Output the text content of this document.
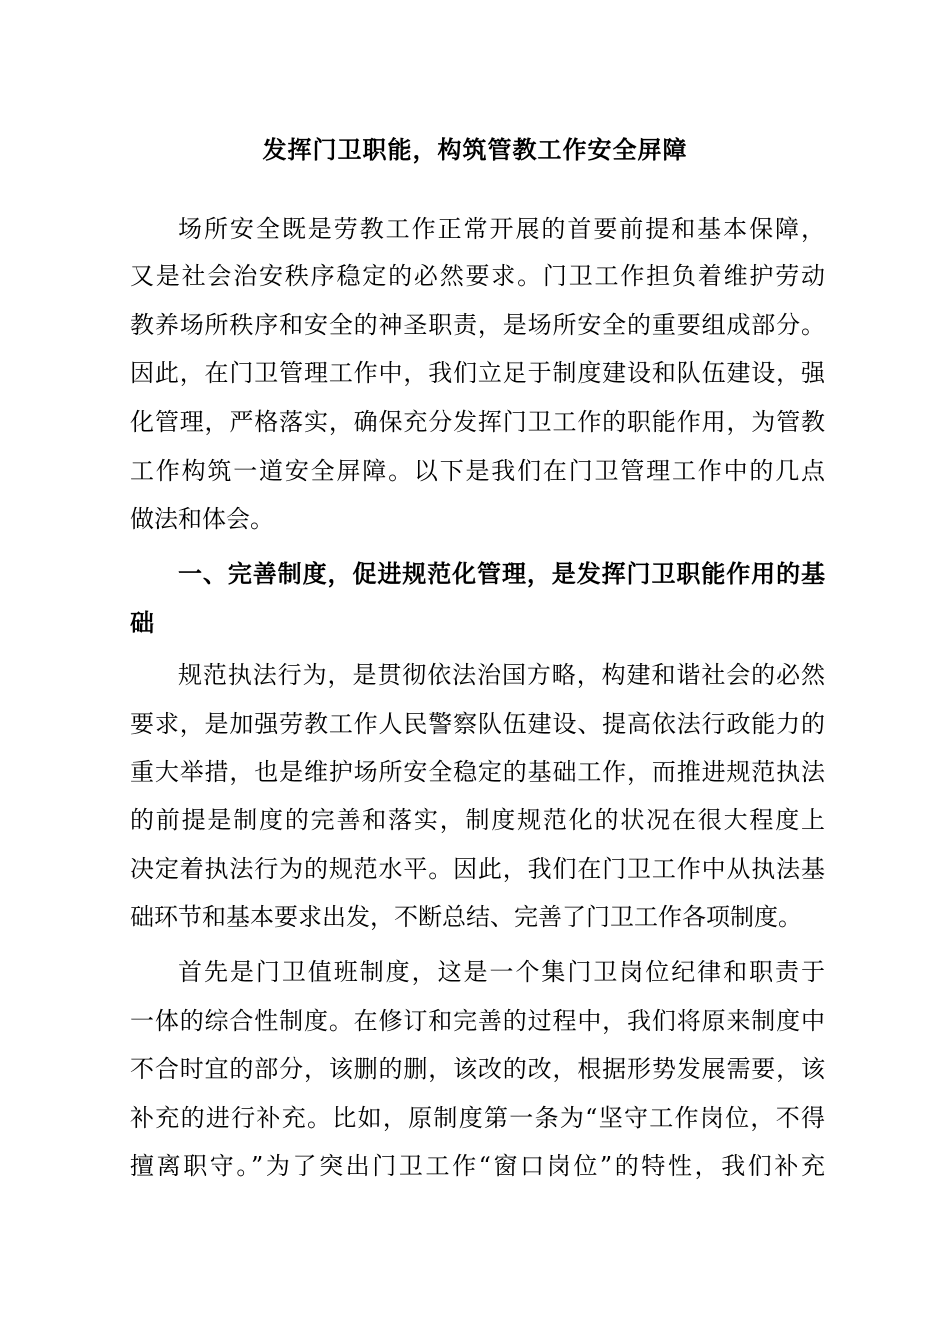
发挥门卫职能，构筑管教工作安全屏障
场所安全既是劳教工作正常开展的首要前提和基本保障，
又是社会治安秩序稳定的必然要求。门卫工作担负着维护劳动
教养场所秩序和安全的神圣职责，是场所安全的重要组成部分。
因此，在门卫管理工作中，我们立足于制度建设和队伍建设，强
化管理，严格落实，确保充分发挥门卫工作的职能作用，为管教
工作构筑一道安全屏障。以下是我们在门卫管理工作中的几点
做法和体会。
一、完善制度，促进规范化管理，是发挥门卫职能作用的基
础
规范执法行为，是贯彻依法治国方略，构建和谐社会的必然
要求，是加强劳教工作人民警察队伍建设、提高依法行政能力的
重大举措，也是维护场所安全稳定的基础工作，而推进规范执法
的前提是制度的完善和落实，制度规范化的状况在很大程度上
决定着执法行为的规范水平。因此，我们在门卫工作中从执法基
础环节和基本要求出发，不断总结、完善了门卫工作各项制度。
首先是门卫值班制度，这是一个集门卫岗位纪律和职责于
一体的综合性制度。在修订和完善的过程中，我们将原来制度中
不合时宜的部分，该删的删，该改的改，根据形势发展需要，该
补充的进行补充。比如，原制度第一条为“坚守工作岗位，不得
擅离职守。”为了突出门卫工作“窗口岗位”的特性，我们补充
